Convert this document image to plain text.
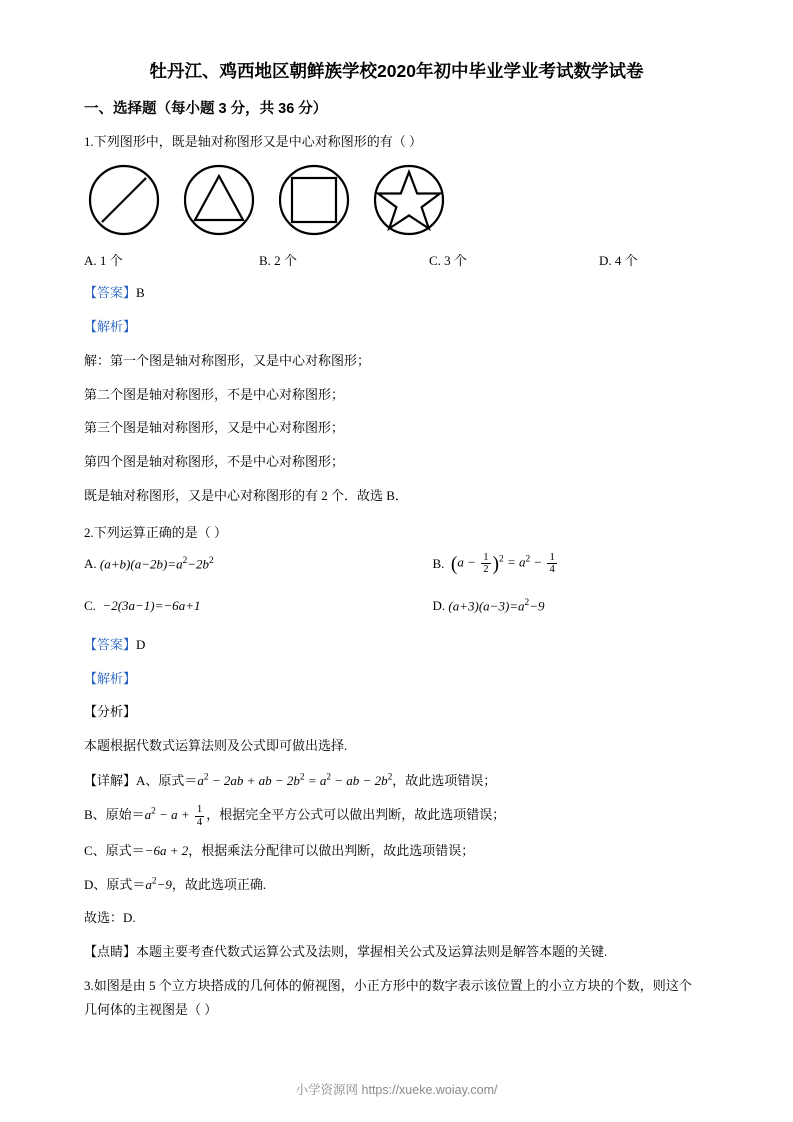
牡丹江、鸡西地区朝鲜族学校2020年初中毕业学业考试数学试卷
一、选择题（每小题 3 分，共 36 分）
1.下列图形中，既是轴对称图形又是中心对称图形的有（ ）
A. 1 个	B. 2 个	C. 3 个	D. 4 个
【答案】B
【解析】
解：第一个图是轴对称图形，又是中心对称图形；
第二个图是轴对称图形，不是中心对称图形；
第三个图是轴对称图形，又是中心对称图形；
第四个图是轴对称图形，不是中心对称图形；
既是轴对称图形，又是中心对称图形的有 2 个．故选 B．
2.下列运算正确的是（ ）
A.
$(a+b)(a-2b)=a^2-2b^2$	B.
$(a - \frac{1}{2} )^2 = a^2 - \frac{1}{4}$
C.
−2(3a−1)=−6a+1	D.
$(a+3)(a-3)=a^2-9$
【答案】D
【解析】
【分析】
本题根据代数式运算法则及公式即可做出选择.
【详解】A、原式$=a^2 - 2ab$ + ab − $2b^2 = a^2$ − ab − $2b^2$，故此选项错误；
B、原始$=a^2 - a + \frac{1}{4}$ ，根据完全平方公式可以做出判断，故此选项错误；
C、原式＝−6a + 2，根据乘法分配律可以做出判断，故此选项错误；
D、原式$=a^2-9$，故此选项正确.
故选：D.
【点睛】本题主要考查代数式运算公式及法则，掌握相关公式及运算法则是解答本题的关键.
3.如图是由 5 个立方块搭成的几何体的俯视图，小正方形中的数字表示该位置上的小立方块的个数，则这个
几何体的主视图是（ ）
小学资源网 https://xueke.woiay.com/
